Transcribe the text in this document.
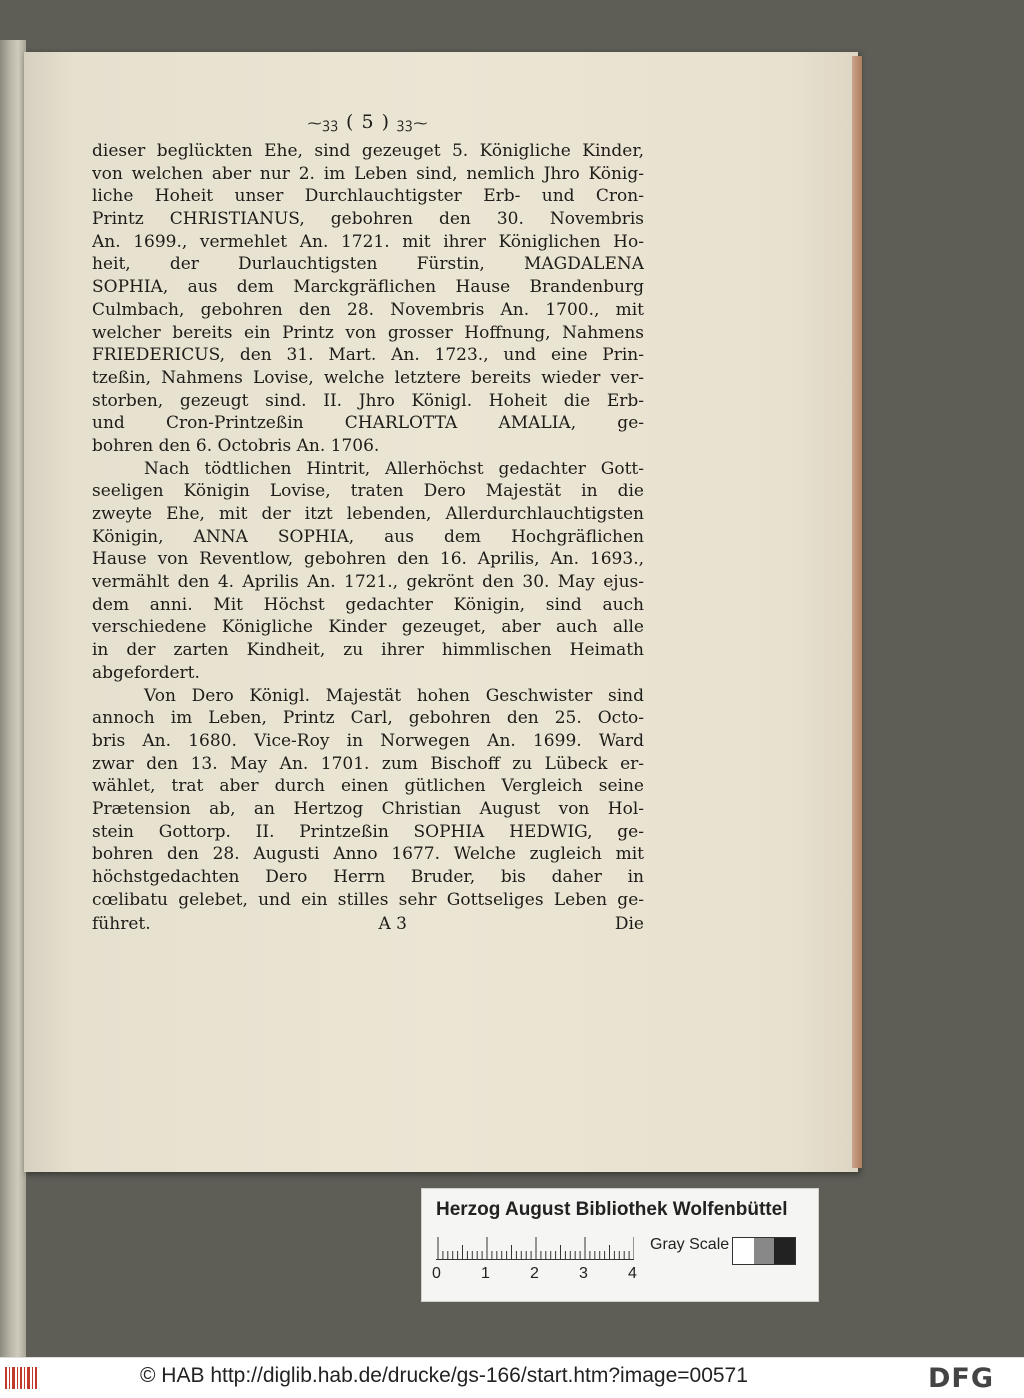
⁓ꝫꝫ ( 5 ) ꝫꝫ⁓
dieser beglückten Ehe, sind gezeuget 5. Königliche Kinder,
von welchen aber nur 2. im Leben sind, nemlich Jhro König-
liche Hoheit unser Durchlauchtigster Erb- und Cron-
Printz CHRISTIANUS, gebohren den 30. Novembris
An. 1699., vermehlet An. 1721. mit ihrer Königlichen Ho-
heit, der Durlauchtigsten Fürstin, MAGDALENA
SOPHIA, aus dem Marckgräflichen Hause Brandenburg
Culmbach, gebohren den 28. Novembris An. 1700., mit
welcher bereits ein Printz von grosser Hoffnung, Nahmens
FRIEDERICUS, den 31. Mart. An. 1723., und eine Prin-
tzeßin, Nahmens Lovise, welche letztere bereits wieder ver-
storben, gezeugt sind. II. Jhro Königl. Hoheit die Erb-
und Cron-Printzeßin CHARLOTTA AMALIA, ge-
bohren den 6. Octobris An. 1706.
Nach tödtlichen Hintrit, Allerhöchst gedachter Gott-
seeligen Königin Lovise, traten Dero Majestät in die
zweyte Ehe, mit der itzt lebenden, Allerdurchlauchtigsten
Königin, ANNA SOPHIA, aus dem Hochgräflichen
Hause von Reventlow, gebohren den 16. Aprilis, An. 1693.,
vermählt den 4. Aprilis An. 1721., gekrönt den 30. May ejus-
dem anni. Mit Höchst gedachter Königin, sind auch
verschiedene Königliche Kinder gezeuget, aber auch alle
in der zarten Kindheit, zu ihrer himmlischen Heimath
abgefordert.
Von Dero Königl. Majestät hohen Geschwister sind
annoch im Leben, Printz Carl, gebohren den 25. Octo-
bris An. 1680. Vice-Roy in Norwegen An. 1699. Ward
zwar den 13. May An. 1701. zum Bischoff zu Lübeck er-
wählet, trat aber durch einen gütlichen Vergleich seine
Prætension ab, an Hertzog Christian August von Hol-
stein Gottorp. II. Printzeßin SOPHIA HEDWIG, ge-
bohren den 28. Augusti Anno 1677. Welche zugleich mit
höchstgedachten Dero Herrn Bruder, bis daher in
cœlibatu gelebet, und ein stilles sehr Gottseliges Leben ge-
führet.	A 3	Die
Herzog August Bibliothek Wolfenbüttel
0	1	2	3	4
Gray Scale
© HAB http://diglib.hab.de/drucke/gs-166/start.htm?image=00571	DFG
